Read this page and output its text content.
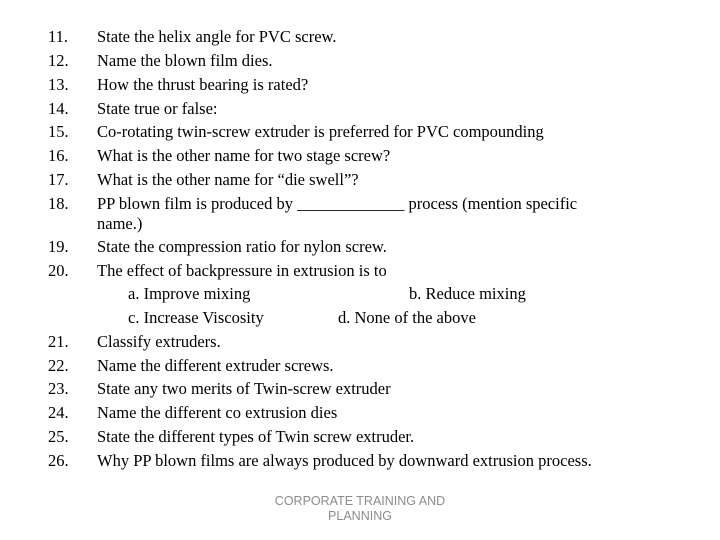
11. State the helix angle for PVC screw.
12. Name the blown film dies.
13. How the thrust bearing is rated?
14. State true or false:
15. Co-rotating twin-screw extruder is preferred for PVC compounding
16. What is the other name for two stage screw?
17. What is the other name for “die swell”?
18. PP blown film is produced by _____________ process (mention specific
name.)
19. State the compression ratio for nylon screw.
20. The effect of backpressure in extrusion is to
a. Improve mixing	b. Reduce mixing
c. Increase Viscosity	d. None of the above
21. Classify extruders.
22. Name the different extruder screws.
23. State any two merits of Twin-screw extruder
24. Name the different co extrusion dies
25. State the different types of Twin screw extruder.
26. Why PP blown films are always produced by downward extrusion process.
CORPORATE TRAINING AND
PLANNING
